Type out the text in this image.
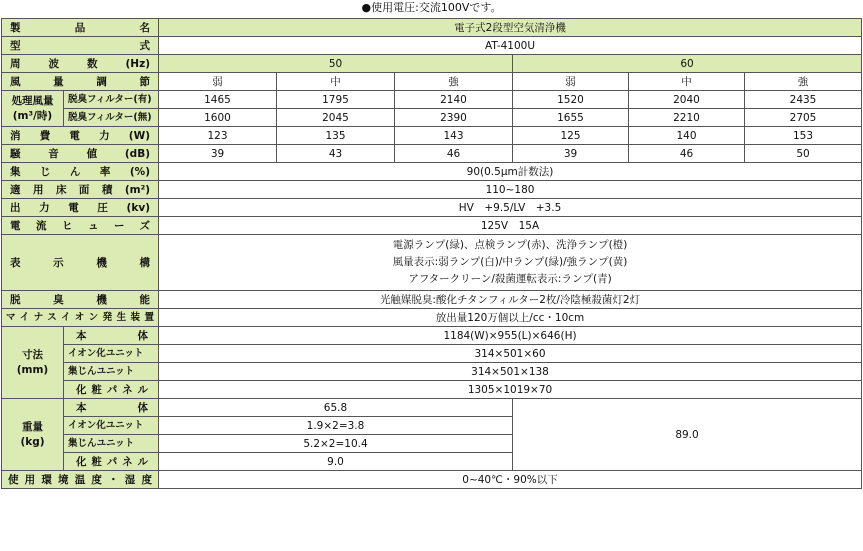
●使用電圧:交流100Vです。
製品名		電子式2段型空気清浄機					
型式		AT-4100U					
周波数(Hz)		50			60		
風量調節		弱	中	強	弱	中	強

処理風量
(m³/時)	脱臭フィルター(有)	1465	1795	2140	1520	2040	2435
	脱臭フィルター(無)	1600	2045	2390	1655	2210	2705
消費電力(W)		123	135	143	125	140	153
騒音値(dB)		39	43	46	39	46	50
集じん率(%)		90(0.5μm計数法)					
適用床面積(m²)		110~180					
出力電圧(kv)		HV　+9.5/LV　+3.5					
電流ヒューズ		125V　15A					
表示機構		電源ランプ(緑)、点検ランプ(赤)、洗浄ランプ(橙)
風量表示:弱ランプ(白)/中ランプ(緑)/強ランプ(黄)
アフタークリーン/殺菌運転表示:ランプ(青)					

脱臭機能		光触媒脱臭:酸化チタンフィルター2枚/冷陰極殺菌灯2灯					
マイナスイオン発生装置		放出量120万個以上/cc・10cm					

寸法
(mm)	本体	1184(W)×955(L)×646(H)					
	イオン化ユニット	314×501×60					
	集じんユニット	314×501×138					
	化粧パネル	1305×1019×70					

重量
(kg)	本体	65.8			89.0		
	イオン化ユニット	1.9×2=3.8					
	集じんユニット	5.2×2=10.4					
	化粧パネル	9.0					
使用環境温度・湿度		0~40℃・90%以下					
